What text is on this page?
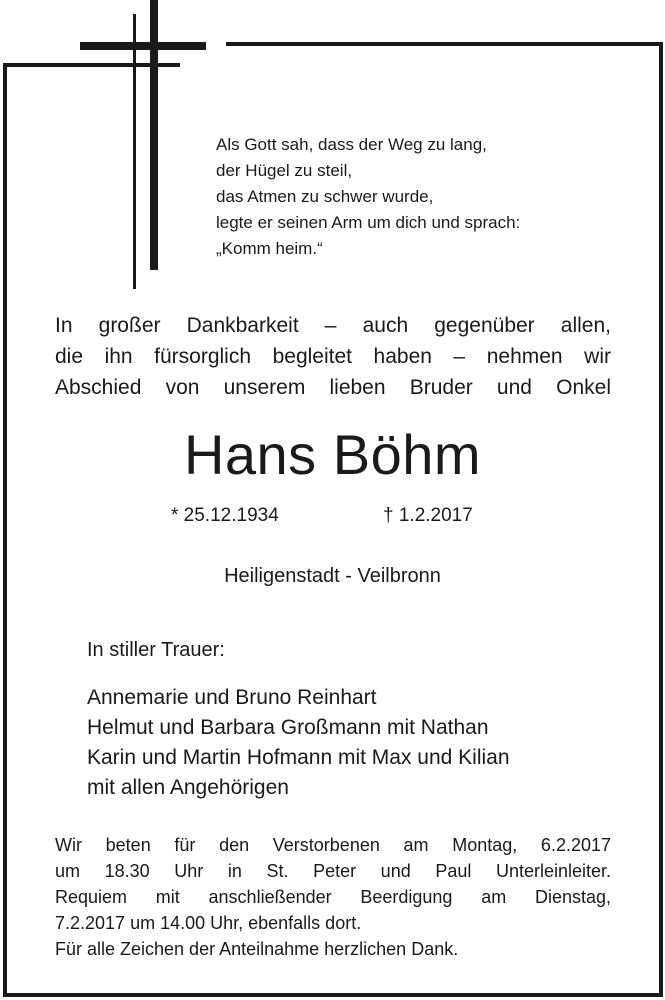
Als Gott sah, dass der Weg zu lang,
der Hügel zu steil,
das Atmen zu schwer wurde,
legte er seinen Arm um dich und sprach:
„Komm heim.“
In großer Dankbarkeit – auch gegenüber allen,
die ihn fürsorglich begleitet haben – nehmen wir
Abschied von unserem lieben Bruder und Onkel
Hans Böhm
* 25.12.1934	† 1.2.2017
Heiligenstadt - Veilbronn
In stiller Trauer:
Annemarie und Bruno Reinhart
Helmut und Barbara Großmann mit Nathan
Karin und Martin Hofmann mit Max und Kilian
mit allen Angehörigen
Wir beten für den Verstorbenen am Montag, 6.2.2017
um 18.30 Uhr in St. Peter und Paul Unterleinleiter.
Requiem mit anschließender Beerdigung am Dienstag,
7.2.2017 um 14.00 Uhr, ebenfalls dort.
Für alle Zeichen der Anteilnahme herzlichen Dank.
